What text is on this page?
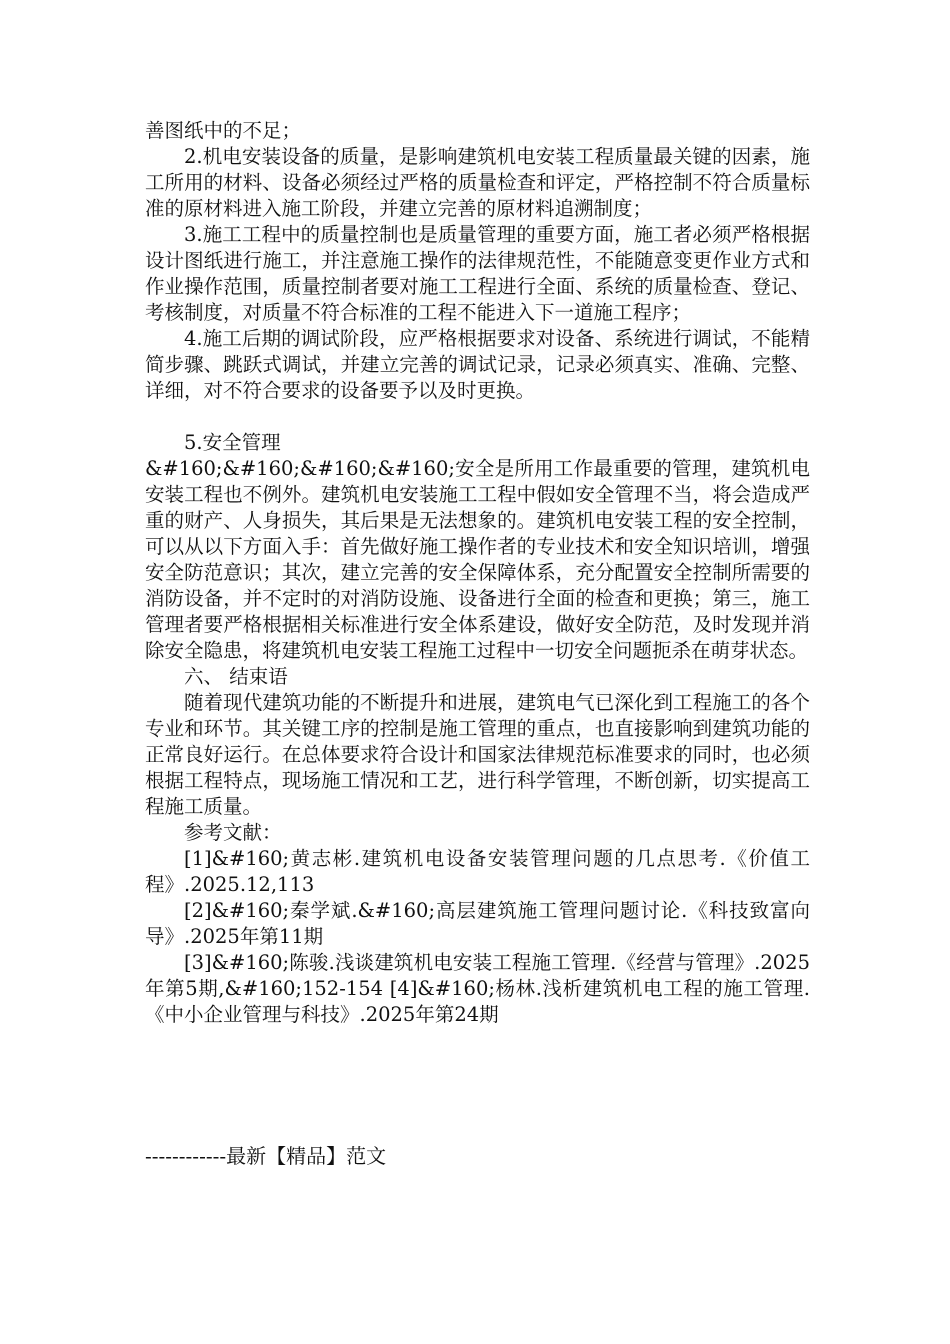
善图纸中的不足；

2.机电安装设备的质量，是影响建筑机电安装工程质量最关键的因素，施工所用的材料、设备必须经过严格的质量检查和评定，严格控制不符合质量标准的原材料进入施工阶段，并建立完善的原材料追溯制度；

3.施工工程中的质量控制也是质量管理的重要方面，施工者必须严格根据设计图纸进行施工，并注意施工操作的法律规范性，不能随意变更作业方式和作业操作范围，质量控制者要对施工工程进行全面、系统的质量检查、登记、考核制度，对质量不符合标准的工程不能进入下一道施工程序；

4.施工后期的调试阶段，应严格根据要求对设备、系统进行调试，不能精简步骤、跳跃式调试，并建立完善的调试记录，记录必须真实、准确、完整、详细，对不符合要求的设备要予以及时更换。

5.安全管理

&#160;&#160;&#160;&#160;安全是所用工作最重要的管理，建筑机电安装工程也不例外。建筑机电安装施工工程中假如安全管理不当，将会造成严重的财产、人身损失，其后果是无法想象的。建筑机电安装工程的安全控制，可以从以下方面入手：首先做好施工操作者的专业技术和安全知识培训，增强安全防范意识；其次，建立完善的安全保障体系，充分配置安全控制所需要的消防设备，并不定时的对消防设施、设备进行全面的检查和更换；第三，施工管理者要严格根据相关标准进行安全体系建设，做好安全防范，及时发现并消除安全隐患，将建筑机电安装工程施工过程中一切安全问题扼杀在萌芽状态。

六、 结束语

随着现代建筑功能的不断提升和进展，建筑电气已深化到工程施工的各个专业和环节。其关键工序的控制是施工管理的重点，也直接影响到建筑功能的正常良好运行。在总体要求符合设计和国家法律规范标准要求的同时，也必须根据工程特点，现场施工情况和工艺，进行科学管理，不断创新，切实提高工程施工质量。

参考文献：

[1]&#160;黄志彬.建筑机电设备安装管理问题的几点思考.《价值工程》.2025.12,113

[2]&#160;秦学斌.&#160;高层建筑施工管理问题讨论.《科技致富向导》.2025年第11期

[3]&#160;陈骏.浅谈建筑机电安装工程施工管理.《经营与管理》.2025年第5期,&#160;152-154 [4]&#160;杨林.浅析建筑机电工程的施工管理.《中小企业管理与科技》.2025年第24期

------------最新【精品】范文
